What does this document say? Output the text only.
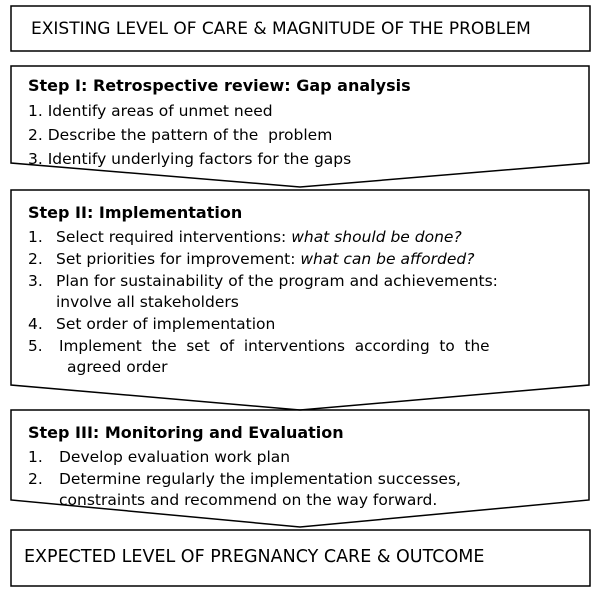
EXISTING LEVEL OF CARE & MAGNITUDE OF THE PROBLEM
Step I: Retrospective review: Gap analysis
1. Identify areas of unmet need
2. Describe the pattern of the  problem
3. Identify underlying factors for the gaps
Step II: Implementation
1. Select required interventions: what should be done?
2. Set priorities for improvement: what can be afforded?
3. Plan for sustainability of the program and achievements:
involve all stakeholders
4. Set order of implementation
5. Implement  the  set  of  interventions  according  to  the
agreed order
Step III: Monitoring and Evaluation
1. Develop evaluation work plan
2. Determine regularly the implementation successes,
constraints and recommend on the way forward.
EXPECTED LEVEL OF PREGNANCY CARE & OUTCOME
